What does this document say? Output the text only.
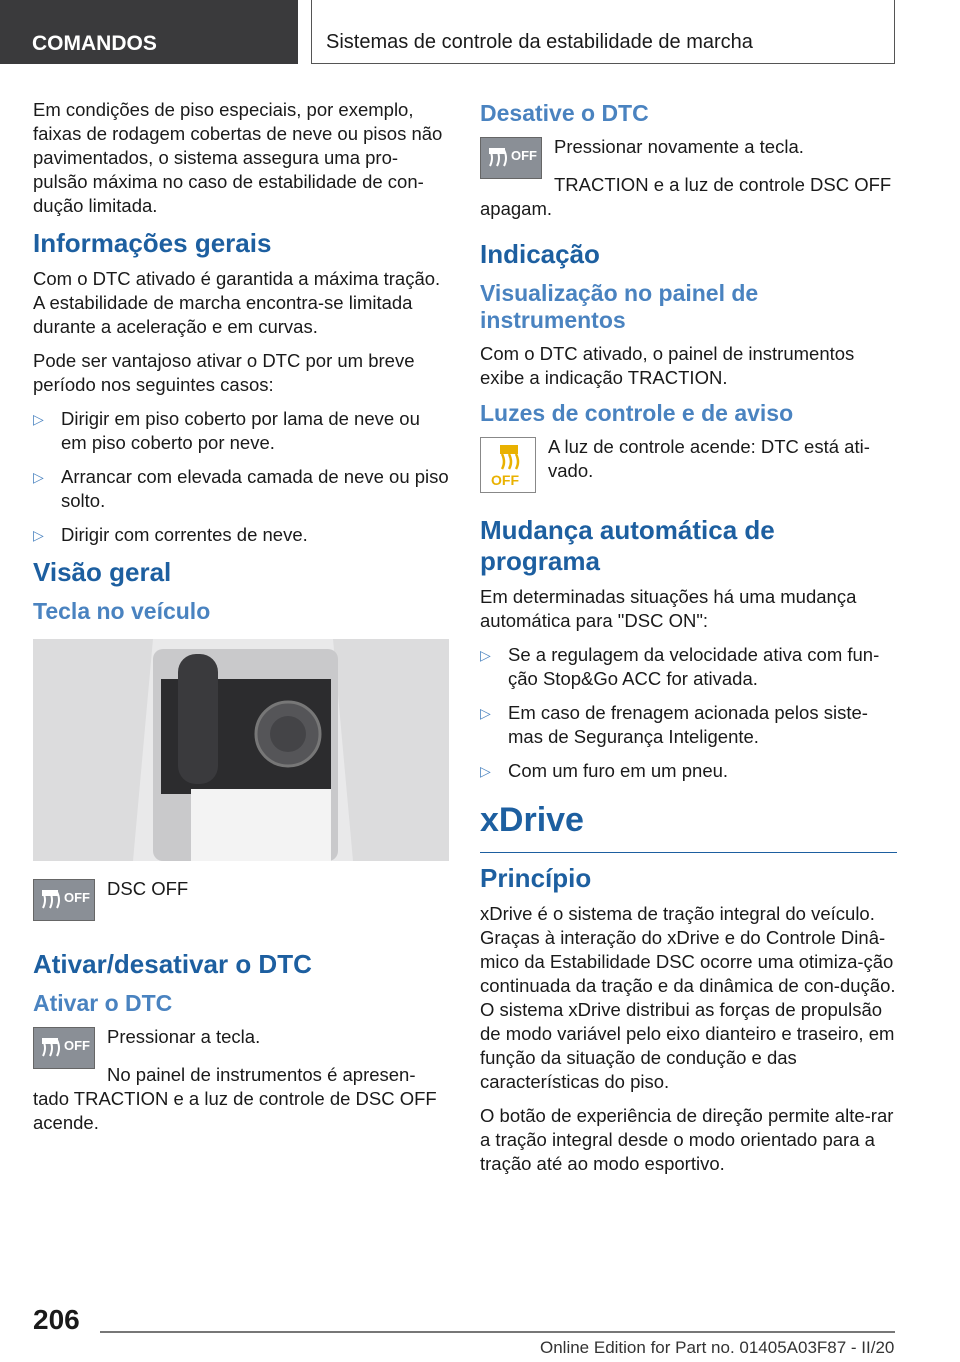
COMANDOS	Sistemas de controle da estabilidade de marcha

Em condições de piso especiais, por exemplo, faixas de rodagem cobertas de neve ou pisos não pavimentados, o sistema assegura uma pro-pulsão máxima no caso de estabilidade de con-dução limitada.

Informações gerais

Com o DTC ativado é garantida a máxima tração. A estabilidade de marcha encontra-se limitada durante a aceleração e em curvas.

Pode ser vantajoso ativar o DTC por um breve período nos seguintes casos:

▷ Dirigir em piso coberto por lama de neve ou em piso coberto por neve.
▷ Arrancar com elevada camada de neve ou piso solto.
▷ Dirigir com correntes de neve.
Visão geral
Tecla no veículo
OFF DSC OFF

Ativar/desativar o DTC
Ativar o DTC
OFF Pressionar a tecla.

No painel de instrumentos é apresen-tado TRACTION e a luz de controle de DSC OFF acende.

Desative o DTC
OFF Pressionar novamente a tecla.

TRACTION e a luz de controle DSC OFF apagam.

Indicação
Visualização no painel de instrumentos

Com o DTC ativado, o painel de instrumentos exibe a indicação TRACTION.

Luzes de controle e de aviso
OFF

A luz de controle acende: DTC está ati-vado.

Mudança automática de programa

Em determinadas situações há uma mudança automática para "DSC ON":

▷ Se a regulagem da velocidade ativa com fun-ção Stop&Go ACC for ativada.
▷ Em caso de frenagem acionada pelos siste-mas de Segurança Inteligente.
▷ Com um furo em um pneu.
xDrive
Princípio

xDrive é o sistema de tração integral do veículo. Graças à interação do xDrive e do Controle Dinâ-mico da Estabilidade DSC ocorre uma otimiza-ção continuada da tração e da dinâmica de con-dução. O sistema xDrive distribui as forças de propulsão de modo variável pelo eixo dianteiro e traseiro, em função da situação de condução e das características do piso.

O botão de experiência de direção permite alte-rar a tração integral desde o modo orientado para a tração até ao modo esportivo.

206
Online Edition for Part no. 01405A03F87 - II/20
